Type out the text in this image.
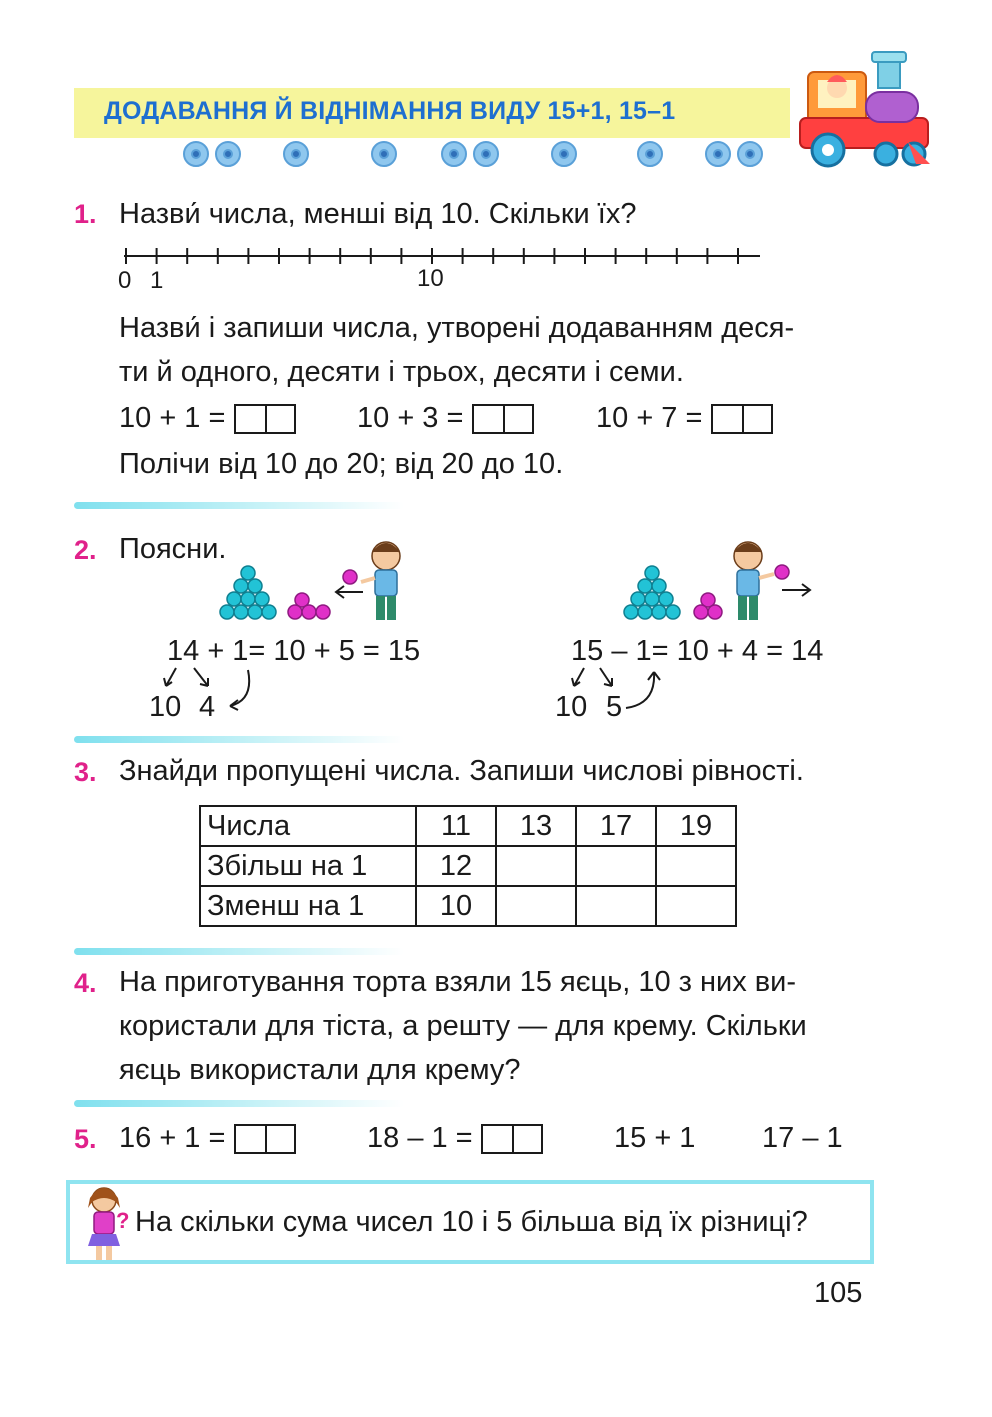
ДОДАВАННЯ Й ВІДНІМАННЯ ВИДУ 15+1, 15–1
1. Назви́ числа, менші від 10. Скільки їх?
0 1	10
Назви́ і запиши числа, утворені додаванням деся-
ти й одного, десяти і трьох, десяти і семи.
10 + 1 =	10 + 3 =	10 + 7 =
Полічи від 10 до 20; від 20 до 10.
2. Поясни.
14 + 1= 10 + 5 = 15
10 4
15 – 1= 10 + 4 = 14
10 5
3. Знайди пропущені числа. Запиши числові рівності.
Числа	11	13	17	19
Збільш на 1	12			
Зменш на 1	10			
4. На приготування торта взяли 15 яєць, 10 з них ви-
користали для тіста, а решту — для крему. Скільки
яєць використали для крему?
5. 16 + 1 =	18 – 1 =	15 + 1 17 – 1
? На скільки сума чисел 10 і 5 більша від їх різниці?
105
